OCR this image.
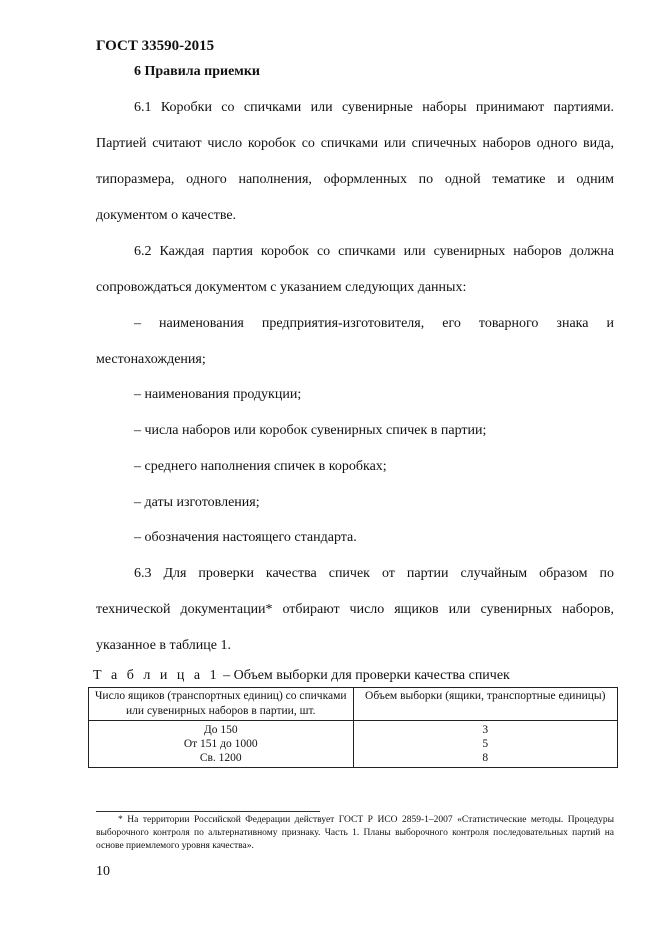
ГОСТ 33590-2015
6 Правила приемки

6.1 Коробки со спичками или сувенирные наборы принимают партиями. Партией считают число коробок со спичками или спичечных наборов одного вида, типоразмера, одного наполнения, оформленных по одной тематике и одним документом о качестве.

6.2 Каждая партия коробок со спичками или сувенирных наборов должна сопровождаться документом с указанием следующих данных:

– наименования предприятия-изготовителя, его товарного знака и местонахождения;
– наименования продукции;
– числа наборов или коробок сувенирных спичек в партии;
– среднего наполнения спичек в коробках;
– даты изготовления;
– обозначения настоящего стандарта.

6.3 Для проверки качества спичек от партии случайным образом по технической документации* отбирают число ящиков или сувенирных наборов, указанное в таблице 1.

Т а б л и ц а 1 – Объем выборки для проверки качества спичек
Число ящиков (транспортных единиц) со спичками или сувенирных наборов в партии, шт.	Объем выборки (ящики, транспортные единицы)
До 150	3
От 151 до 1000	5
Св. 1200	8

* На территории Российской Федерации действует ГОСТ Р ИСО 2859-1–2007 «Статистические методы. Процедуры выборочного контроля по альтернативному признаку. Часть 1. Планы выборочного контроля последовательных партий на основе приемлемого уровня качества».

10
